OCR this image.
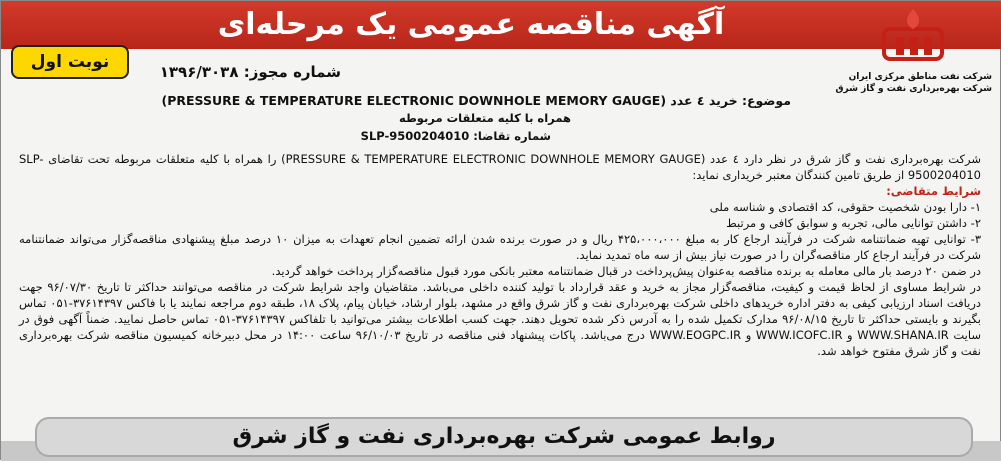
آگهی مناقصه عمومی یک مرحله‌ای
شرکت نفت مناطق مرکزی ایران
شرکت بهره‌برداری نفت و گاز شرق
نوبت اول	شماره مجوز: ۱۳۹۶/۳۰۳۸
موضوع: خرید ٤ عدد (PRESSURE & TEMPERATURE ELECTRONIC DOWNHOLE MEMORY GAUGE)
همراه با کلیه متعلقات مربوطه
شماره تقاضا: SLP-9500204010

شرکت بهره‌برداری نفت و گاز شرق در نظر دارد ٤ عدد (PRESSURE & TEMPERATURE ELECTRONIC DOWNHOLE MEMORY GAUGE) را همراه با کلیه متعلقات مربوطه تحت تقاضای SLP-9500204010 از طریق تامین کنندگان معتبر خریداری نماید:

شرایط متقاضی:

۱- دارا بودن شخصیت حقوقی، کد اقتصادی و شناسه ملی

۲- داشتن توانایی مالی، تجربه و سوابق کافی و مرتبط

۳- توانایی تهیه ضمانتنامه شرکت در فرآیند ارجاع کار به مبلغ ۴۲۵،۰۰۰،۰۰۰ ریال و در صورت برنده شدن ارائه تضمین انجام تعهدات به میزان ۱۰ درصد مبلغ پیشنهادی مناقصه‌گزار می‌تواند ضمانتنامه شرکت در فرآیند ارجاع کار مناقصه‌گران را در صورت نیاز بیش از سه ماه تمدید نماید.

در ضمن ۲۰ درصد بار مالی معامله به برنده مناقصه به‌عنوان پیش‌پرداخت در قبال ضمانتنامه معتبر بانکی مورد قبول مناقصه‌گزار پرداخت خواهد گردید.

در شرایط مساوی از لحاظ قیمت و کیفیت، مناقصه‌گزار مجاز به خرید و عقد قرارداد با تولید کننده داخلی می‌باشد. متقاضیان واجد شرایط شرکت در مناقصه می‌توانند حداکثر تا تاریخ ۹۶/۰۷/۳۰ جهت دریافت اسناد ارزیابی کیفی به دفتر اداره خریدهای داخلی شرکت بهره‌برداری نفت و گاز شرق واقع در مشهد، بلوار ارشاد، خیابان پیام، پلاک ۱۸، طبقه دوم مراجعه نمایند یا با فاکس ۳۷۶۱۴۳۹۷-۰۵۱ تماس بگیرند و بایستی حداکثر تا تاریخ ۹۶/۰۸/۱۵ مدارک تکمیل شده را به آدرس ذکر شده تحویل دهند. جهت کسب اطلاعات بیشتر می‌توانید با تلفاکس ۳۷۶۱۴۳۹۷-۰۵۱ تماس حاصل نمایید. ضمناً آگهی فوق در سایت WWW.SHANA.IR و WWW.ICOFC.IR و WWW.EOGPC.IR درج می‌باشد. پاکات پیشنهاد فنی مناقصه در تاریخ ۹۶/۱۰/۰۳ ساعت ۱۴:۰۰ در محل دبیرخانه کمیسیون مناقصه شرکت بهره‌برداری نفت و گاز شرق مفتوح خواهد شد.

روابط عمومی شرکت بهره‌برداری نفت و گاز شرق
